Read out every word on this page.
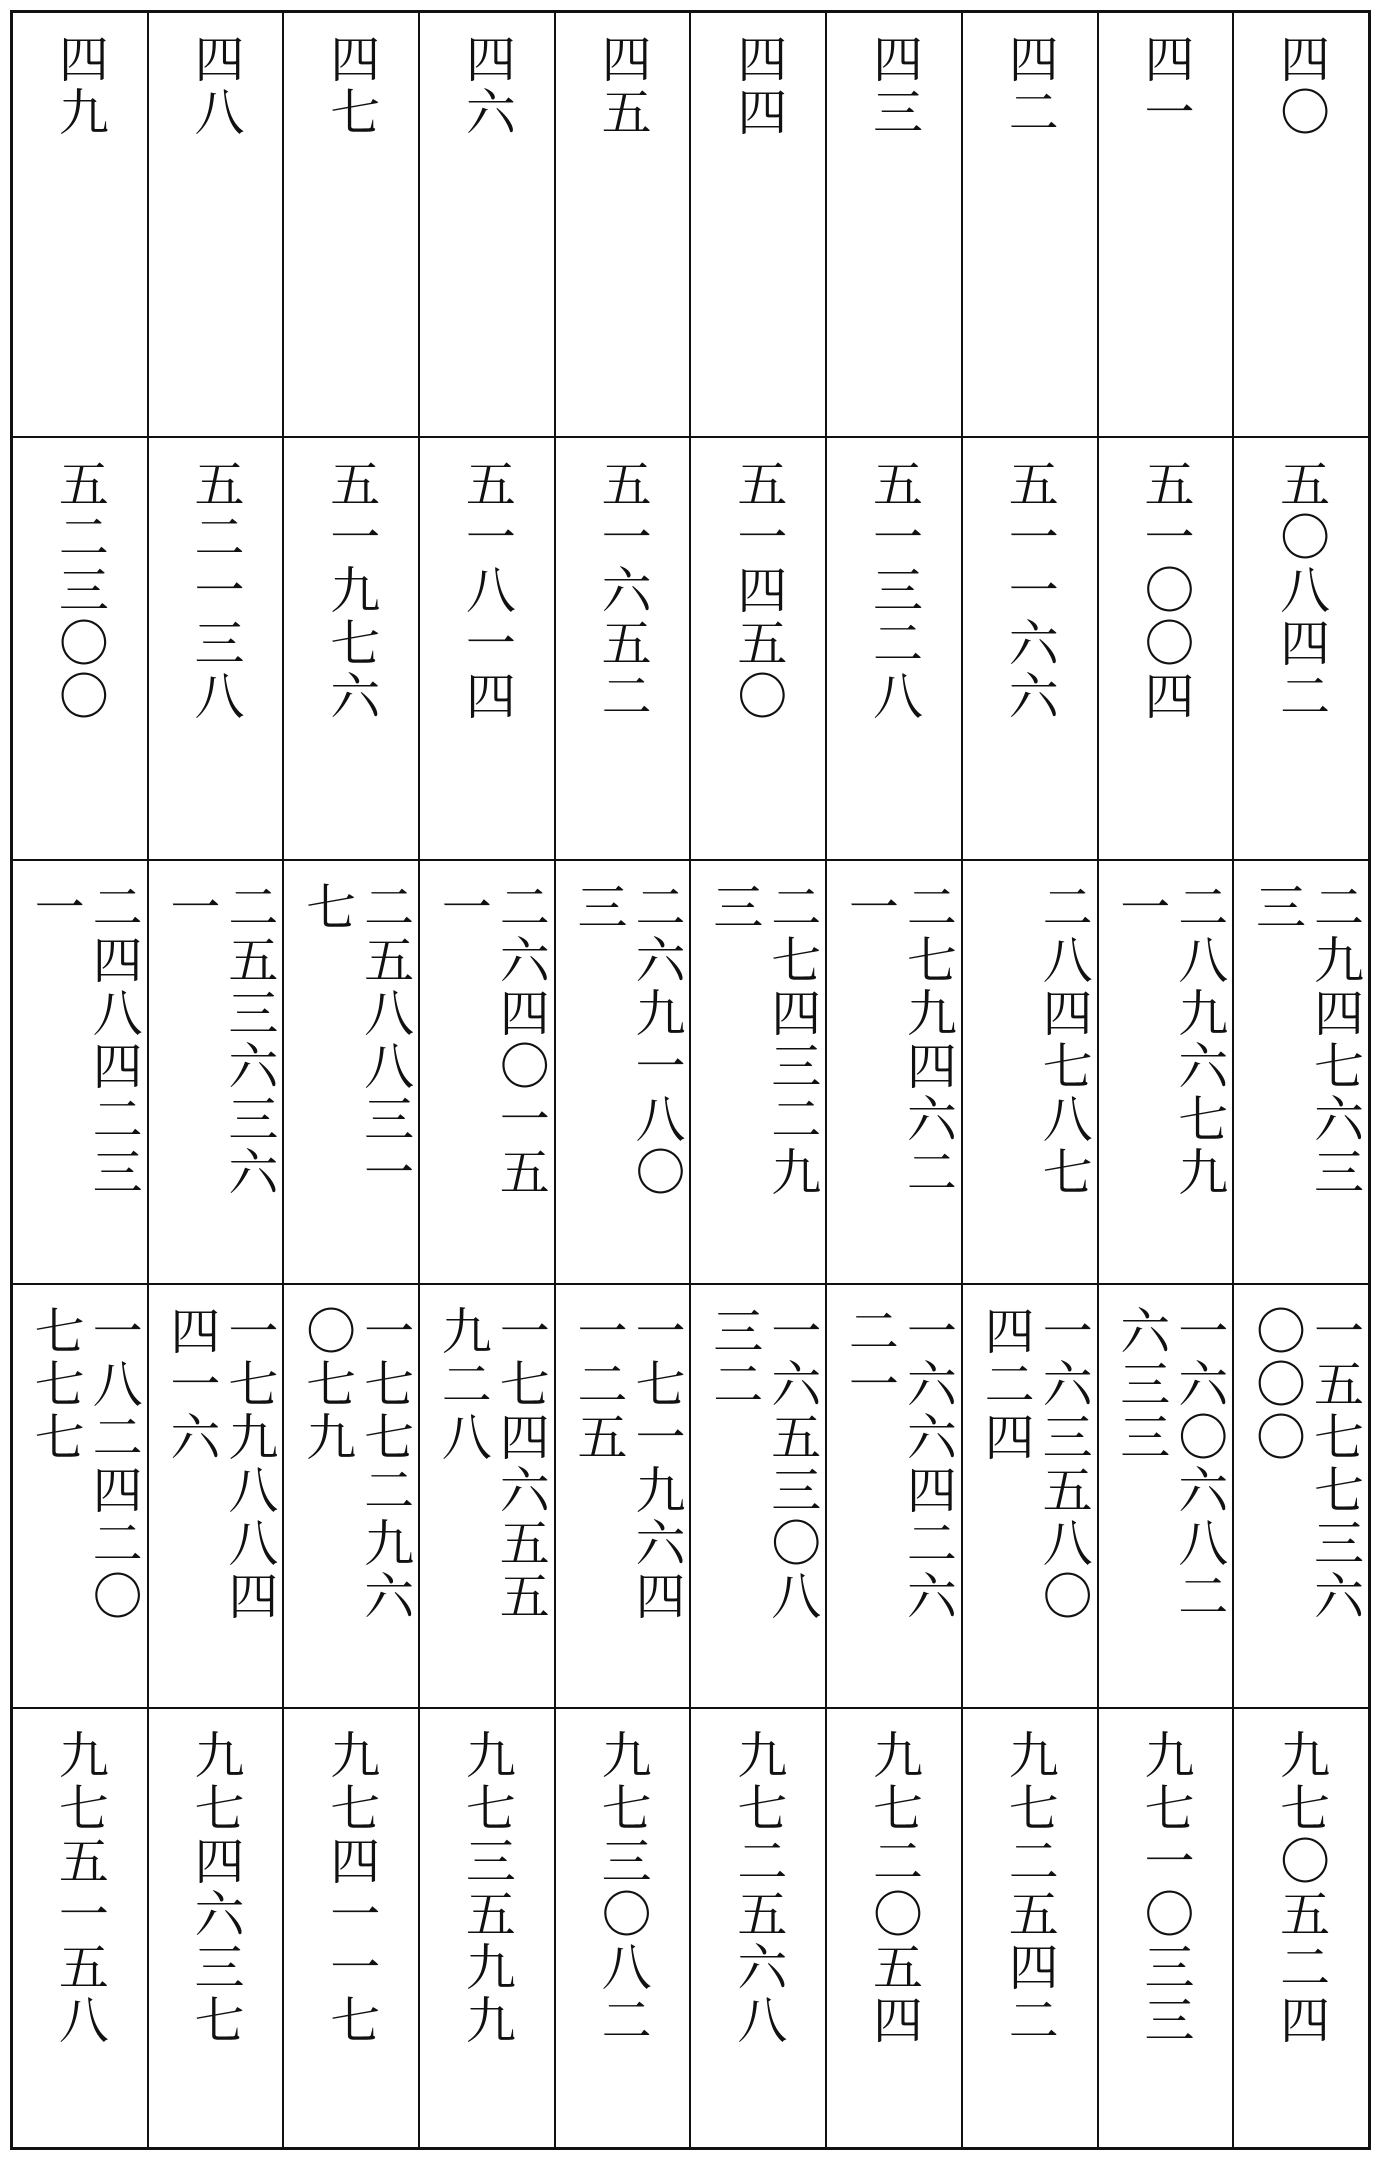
四〇
五〇八四二
二九四七六三
三
一五七七三六
〇〇〇
九七〇五二四
四一
五一〇〇四
二八九六七九
一
一六〇六八二
六三三
九七一〇三三
四二
五一一六六
二八四七八七
一六三五八〇
四二四
九七二五四二
四三
五一三二八
二七九四六二
一
一六六四二六
二一
九七二〇五四
四四
五一四五〇
二七四三二九
三
一六五三〇八
三二
九七二五六八
四五
五一六五二
二六九一八〇
三
一七一九六四
一二五
九七三〇八二
四六
五一八一四
二六四〇一五
一
一七四六五五
九二八
九七三五九九
四七
五一九七六
二五八八三一
七
一七七二九六
〇七九
九七四一一七
四八
五二一三八
二五三六三六
一
一七九八八四
四一六
九七四六三七
四九
五二三〇〇
二四八四二三
一
一八二四二〇
七七七
九七五一五八
